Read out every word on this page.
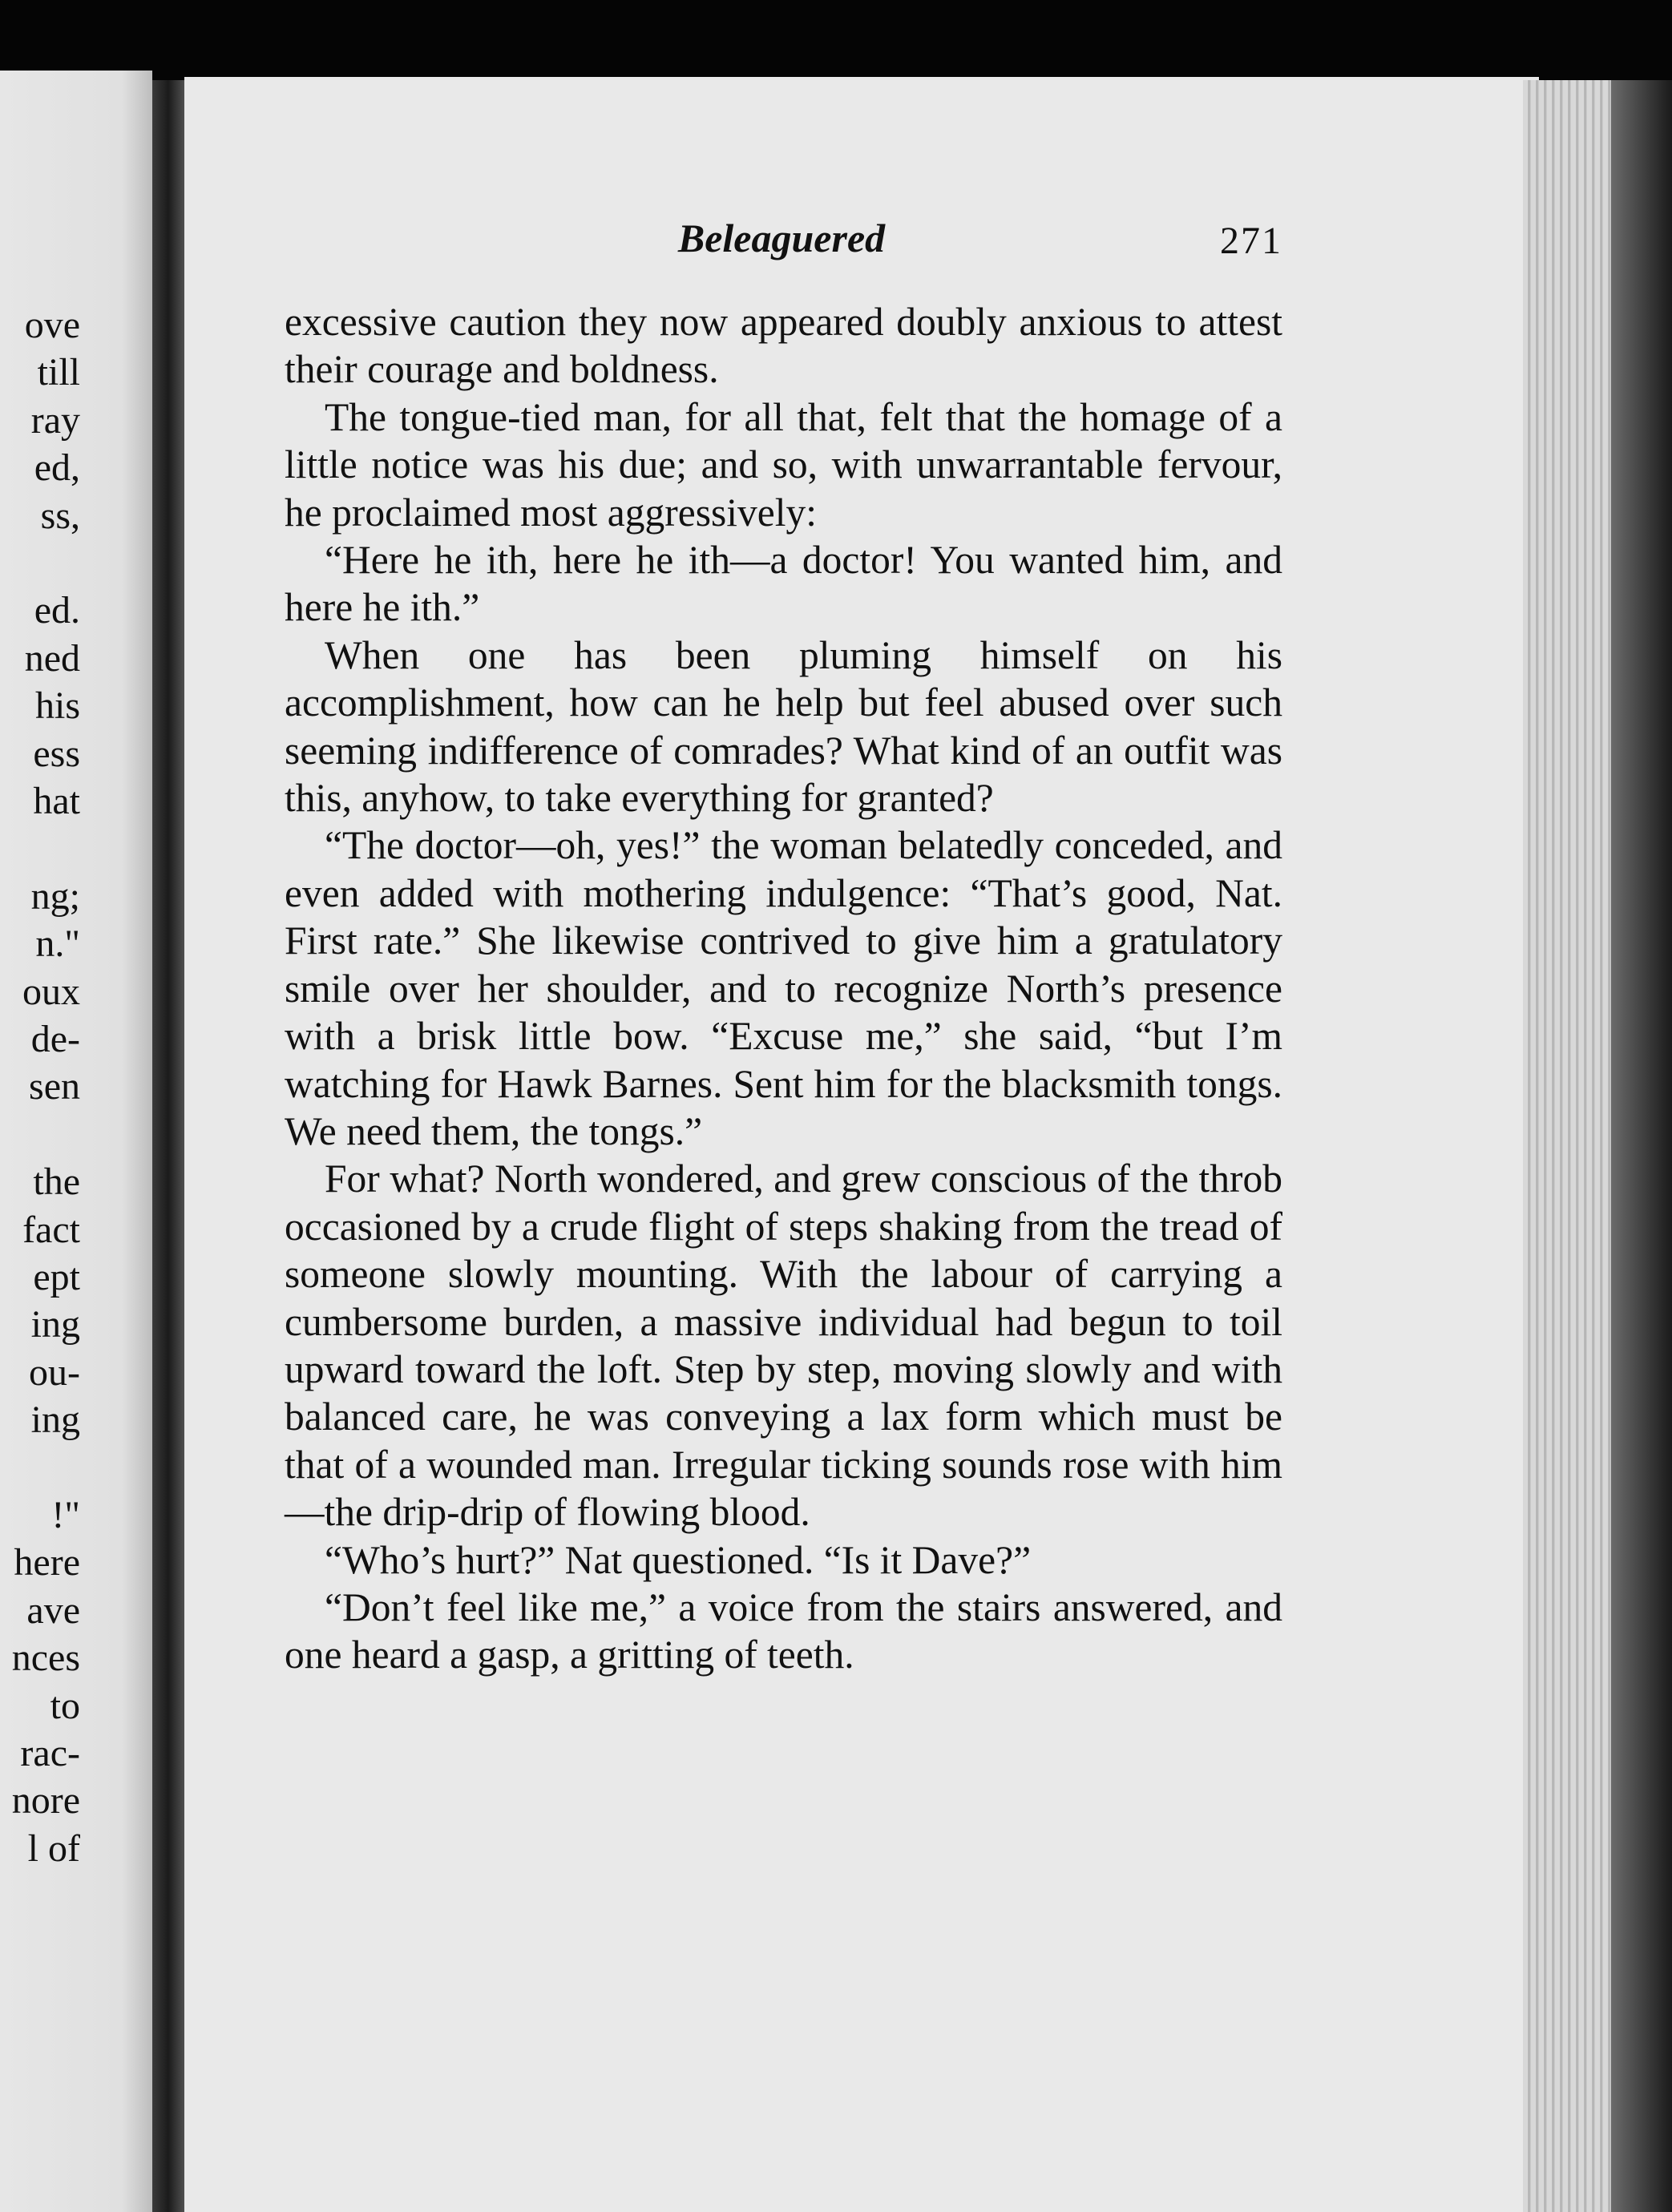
ove
till
ray
ed,
ss,
ed.
ned
his
ess
hat
ng;
n."
oux
de-
sen
the
fact
ept
ing
ou-
ing
!"
here
ave
nces
to
rac-
nore
l of
Beleaguered	271

excessive caution they now appeared doubly anxious to attest their courage and boldness.

The tongue-tied man, for all that, felt that the homage of a little notice was his due; and so, with unwarrantable fervour, he proclaimed most aggressively:

“Here he ith, here he ith—a doctor! You wanted him, and here he ith.”

When one has been pluming himself on his accomplishment, how can he help but feel abused over such seeming indifference of comrades? What kind of an outfit was this, anyhow, to take everything for granted?

“The doctor—oh, yes!” the woman belatedly conceded, and even added with mothering indulgence: “That’s good, Nat. First rate.” She likewise contrived to give him a gratulatory smile over her shoulder, and to recognize North’s presence with a brisk little bow. “Excuse me,” she said, “but I’m watching for Hawk Barnes. Sent him for the blacksmith tongs. We need them, the tongs.”

For what? North wondered, and grew conscious of the throb occasioned by a crude flight of steps shaking from the tread of someone slowly mounting. With the labour of carrying a cumbersome burden, a massive individual had begun to toil upward toward the loft. Step by step, moving slowly and with balanced care, he was conveying a lax form which must be that of a wounded man. Irregular ticking sounds rose with him—the drip-drip of flowing blood.

“Who’s hurt?” Nat questioned. “Is it Dave?”

“Don’t feel like me,” a voice from the stairs answered, and one heard a gasp, a gritting of teeth.
